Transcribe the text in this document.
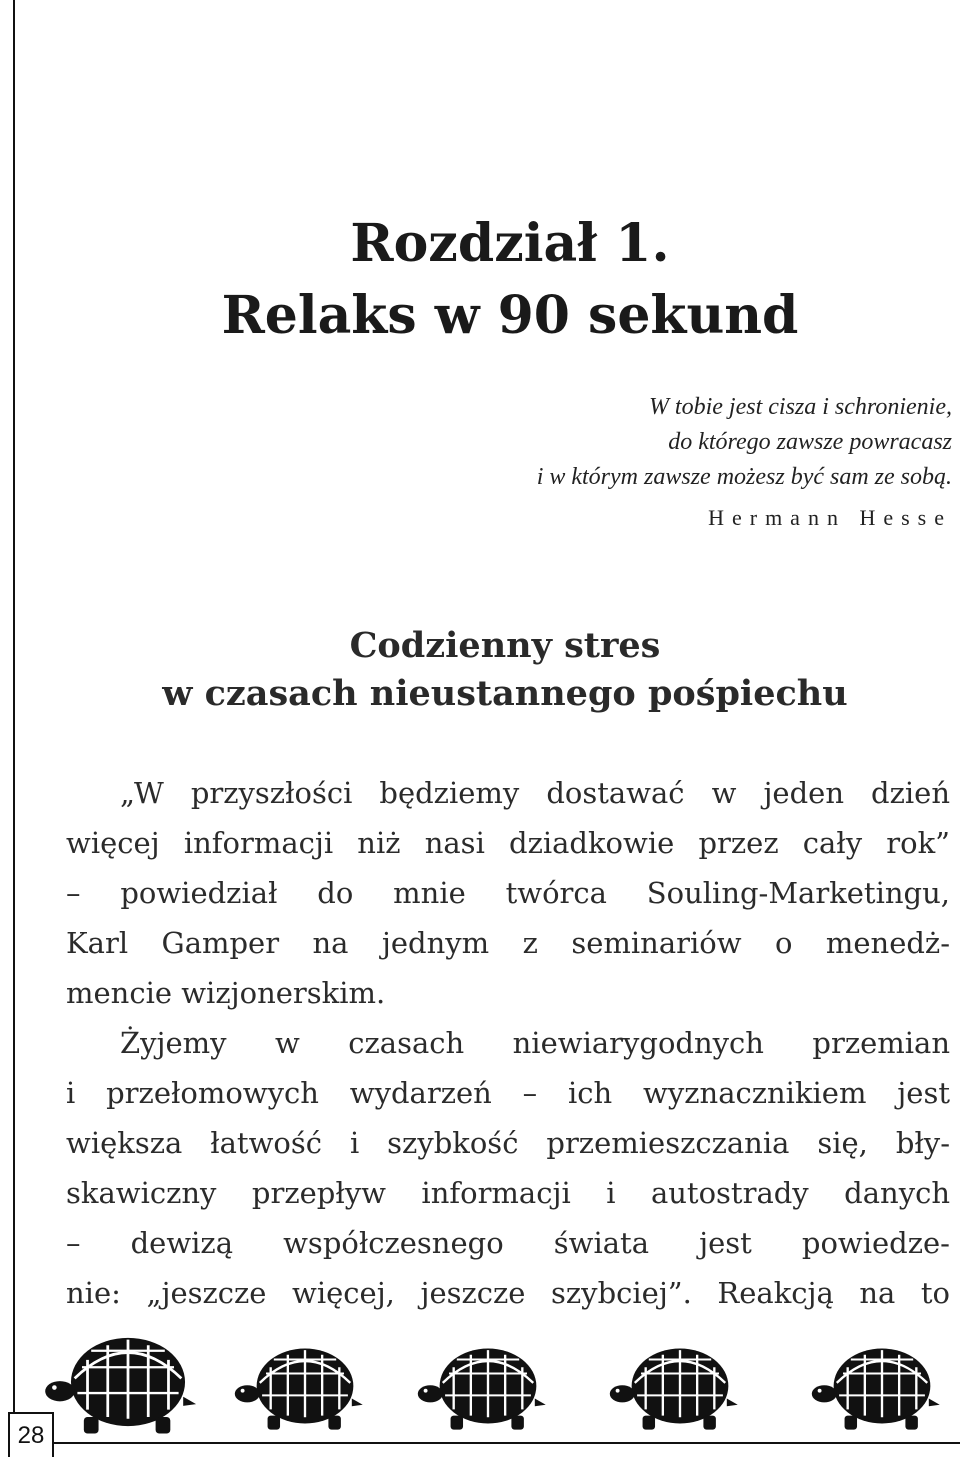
Rozdział 1.
Relaks w 90 sekund
W tobie jest cisza i schronienie,
do którego zawsze powracasz
i w którym zawsze możesz być sam ze sobą.
Hermann Hesse
Codzienny stres
w czasach nieustannego pośpiechu
„W przyszłości będziemy dostawać w jeden dzień
więcej informacji niż nasi dziadkowie przez cały rok”
– powiedział do mnie twórca Souling-Marketingu,
Karl Gamper na jednym z seminariów o menedż-
mencie wizjonerskim.
Żyjemy w czasach niewiarygodnych przemian
i przełomowych wydarzeń – ich wyznacznikiem jest
większa łatwość i szybkość przemieszczania się, bły-
skawiczny przepływ informacji i autostrady danych
– dewizą współczesnego świata jest powiedze-
nie: „jeszcze więcej, jeszcze szybciej”. Reakcją na to
28
